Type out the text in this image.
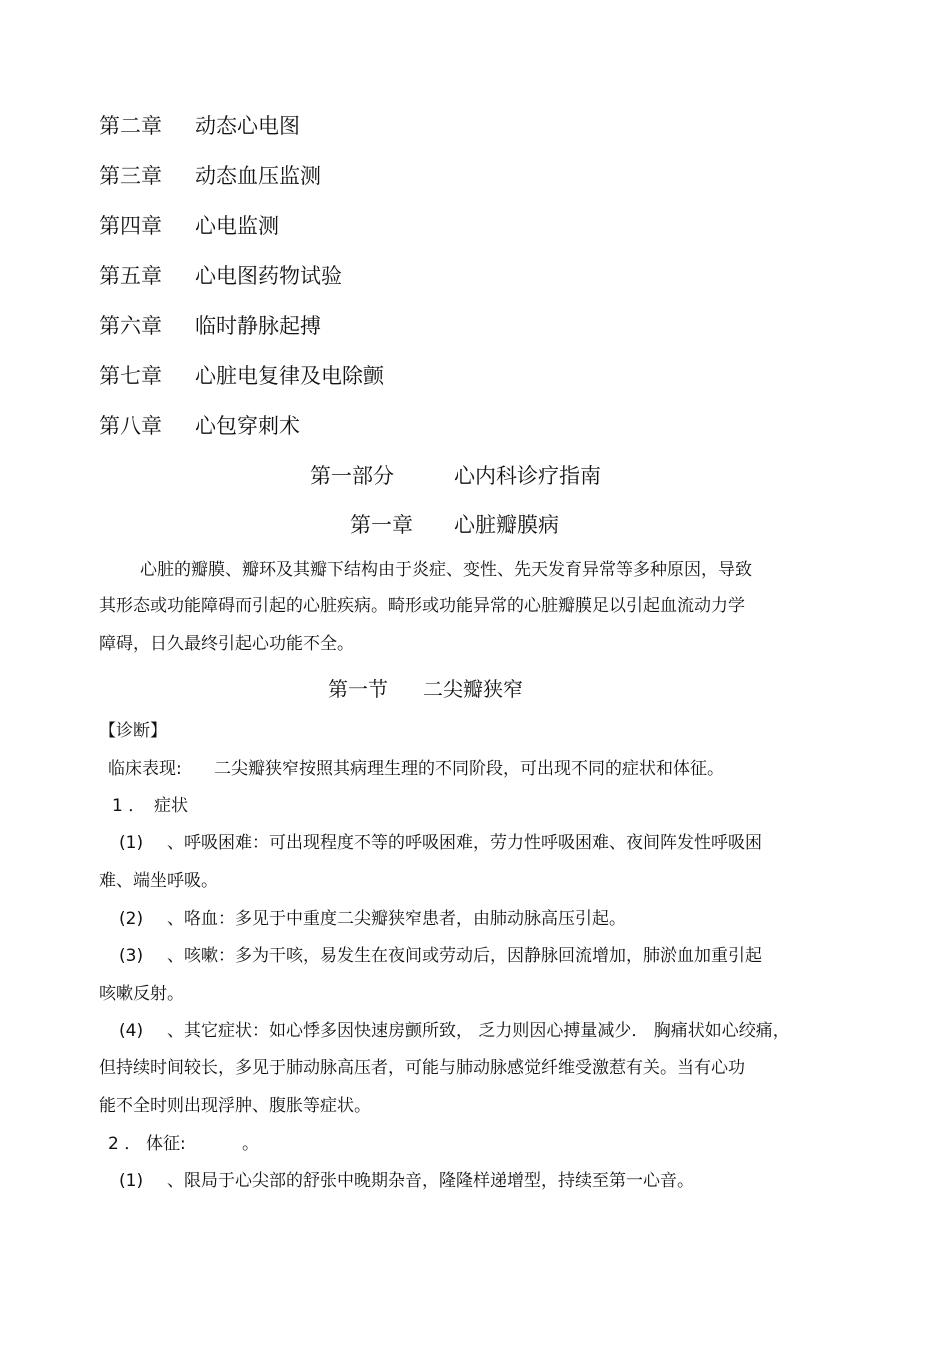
第二章 动态心电图
第三章 动态血压监测
第四章 心电监测
第五章 心电图药物试验
第六章 临时静脉起搏
第七章 心脏电复律及电除颤
第八章 心包穿刺术
第一部分	心内科诊疗指南
第一章 心脏瓣膜病
心脏的瓣膜、瓣环及其瓣下结构由于炎症、变性、先天发育异常等多种原因，导致
其形态或功能障碍而引起的心脏疾病。畸形或功能异常的心脏瓣膜足以引起血流动力学
障碍，日久最终引起心功能不全。
第一节 二尖瓣狭窄
【诊断】
临床表现: 二尖瓣狭窄按照其病理生理的不同阶段，可出现不同的症状和体征。
1 ． 症状
(1) 、呼吸困难：可出现程度不等的呼吸困难，劳力性呼吸困难、夜间阵发性呼吸困
难、端坐呼吸。
(2) 、咯血：多见于中重度二尖瓣狭窄患者，由肺动脉高压引起。
(3) 、咳嗽：多为干咳，易发生在夜间或劳动后，因静脉回流增加，肺淤血加重引起
咳嗽反射。
(4) 、其它症状：如心悸多因快速房颤所致， 乏力则因心搏量减少． 胸痛状如心绞痛，
但持续时间较长，多见于肺动脉高压者，可能与肺动脉感觉纤维受激惹有关。当有心功
能不全时则出现浮肿、腹胀等症状。
2 ． 体征:	。
(1) 、限局于心尖部的舒张中晚期杂音，隆隆样递增型，持续至第一心音。
